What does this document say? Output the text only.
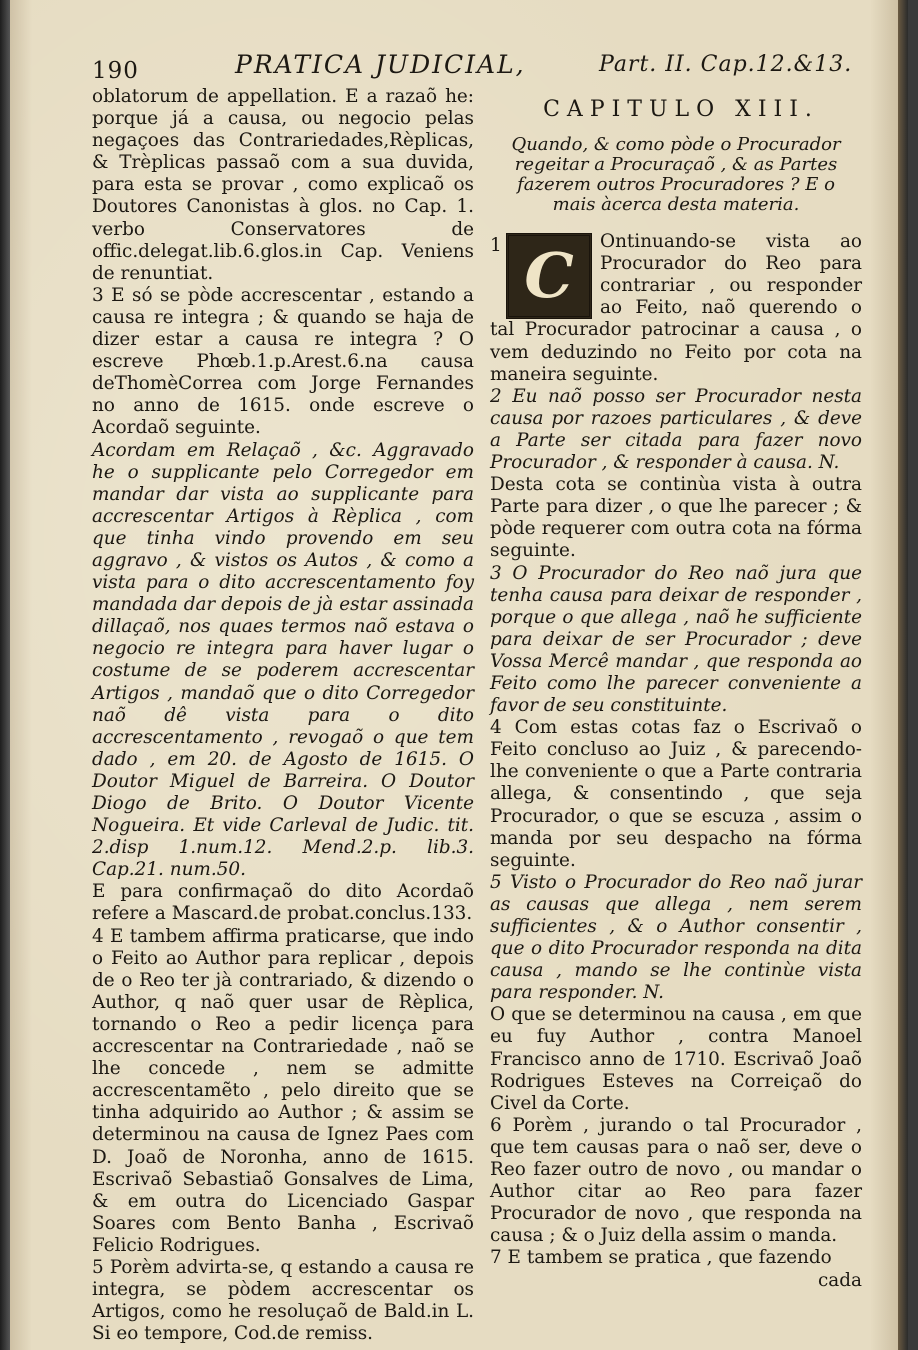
190	PRATICA JUDICIAL,	Part. II. Cap.12.&13.

oblatorum de appellation. E a razaõ he: porque já a causa, ou negocio pelas negaçoes das Contrariedades,Rèplicas, & Trèplicas passaõ com a sua duvida, para esta se provar , como explicaõ os Doutores Canonistas à glos. no Cap. 1. verbo Conservatores de offic.delegat.lib.6.glos.in Cap. Veniens de renuntiat.

3 E só se pòde accrescentar , estando a causa re integra ; & quando se haja de dizer estar a causa re integra ? O escreve Phœb.1.p.Arest.6.na causa deThomèCorrea com Jorge Fernandes no anno de 1615. onde escreve o Acordaõ seguinte.

Acordam em Relaçaõ , &c. Aggravado he o supplicante pelo Corregedor em mandar dar vista ao supplicante para accrescentar Artigos à Rèplica , com que tinha vindo provendo em seu aggravo , & vistos os Autos , & como a vista para o dito accrescentamento foy mandada dar depois de jà estar assinada dillaçaõ, nos quaes termos naõ estava o negocio re integra para haver lugar o costume de se poderem accrescentar Artigos , mandaõ que o dito Corregedor naõ dê vista para o dito accrescentamento , revogaõ o que tem dado , em 20. de Agosto de 1615. O Doutor Miguel de Barreira. O Doutor Diogo de Brito. O Doutor Vicente Nogueira. Et vide Carleval de Judic. tit. 2.disp 1.num.12. Mend.2.p. lib.3. Cap.21. num.50.

E para confirmaçaõ do dito Acordaõ refere a Mascard.de probat.conclus.133.

4 E tambem affirma praticarse, que indo o Feito ao Author para replicar , depois de o Reo ter jà contrariado, & dizendo o Author, q naõ quer usar de Rèplica, tornando o Reo a pedir licença para accrescentar na Contrariedade , naõ se lhe concede , nem se admitte accrescentamẽto , pelo direito que se tinha adquirido ao Author ; & assim se determinou na causa de Ignez Paes com D. Joaõ de Noronha, anno de 1615. Escrivaõ Sebastiaõ Gonsalves de Lima, & em outra do Licenciado Gaspar Soares com Bento Banha , Escrivaõ Felicio Rodrigues.

5 Porèm advirta-se, q estando a causa re integra, se pòdem accrescentar os Artigos, como he resoluçaõ de Bald.in L. Si eo tempore, Cod.de remiss.

CAPITULO XIII.
Quando, & como pòde o Procurador regeitar a Procuraçaõ , & as Partes fazerem outros Procuradores ? E o mais àcerca desta materia.
1 C	Ontinuando-se vista ao Procurador do Reo para contrariar , ou responder ao Feito, naõ querendo o tal Procurador patrocinar a causa , o vem deduzindo no Feito por cota na maneira seguinte.

2 Eu naõ posso ser Procurador nesta causa por razoes particulares , & deve a Parte ser citada para fazer novo Procurador , & responder à causa. N.

Desta cota se continùa vista à outra Parte para dizer , o que lhe parecer ; & pòde requerer com outra cota na fórma seguinte.

3 O Procurador do Reo naõ jura que tenha causa para deixar de responder , porque o que allega , naõ he sufficiente para deixar de ser Procurador ; deve Vossa Mercê mandar , que responda ao Feito como lhe parecer conveniente a favor de seu constituinte.

4 Com estas cotas faz o Escrivaõ o Feito concluso ao Juiz , & parecendo-lhe conveniente o que a Parte contraria allega, & consentindo , que seja Procurador, o que se escuza , assim o manda por seu despacho na fórma seguinte.

5 Visto o Procurador do Reo naõ jurar as causas que allega , nem serem sufficientes , & o Author consentir , que o dito Procurador responda na dita causa , mando se lhe continùe vista para responder. N.

O que se determinou na causa , em que eu fuy Author , contra Manoel Francisco anno de 1710. Escrivaõ Joaõ Rodrigues Esteves na Correiçaõ do Civel da Corte.

6 Porèm , jurando o tal Procurador , que tem causas para o naõ ser, deve o Reo fazer outro de novo , ou mandar o Author citar ao Reo para fazer Procurador de novo , que responda na causa ; & o Juiz della assim o manda.

7 E tambem se pratica , que fazendo

cada
